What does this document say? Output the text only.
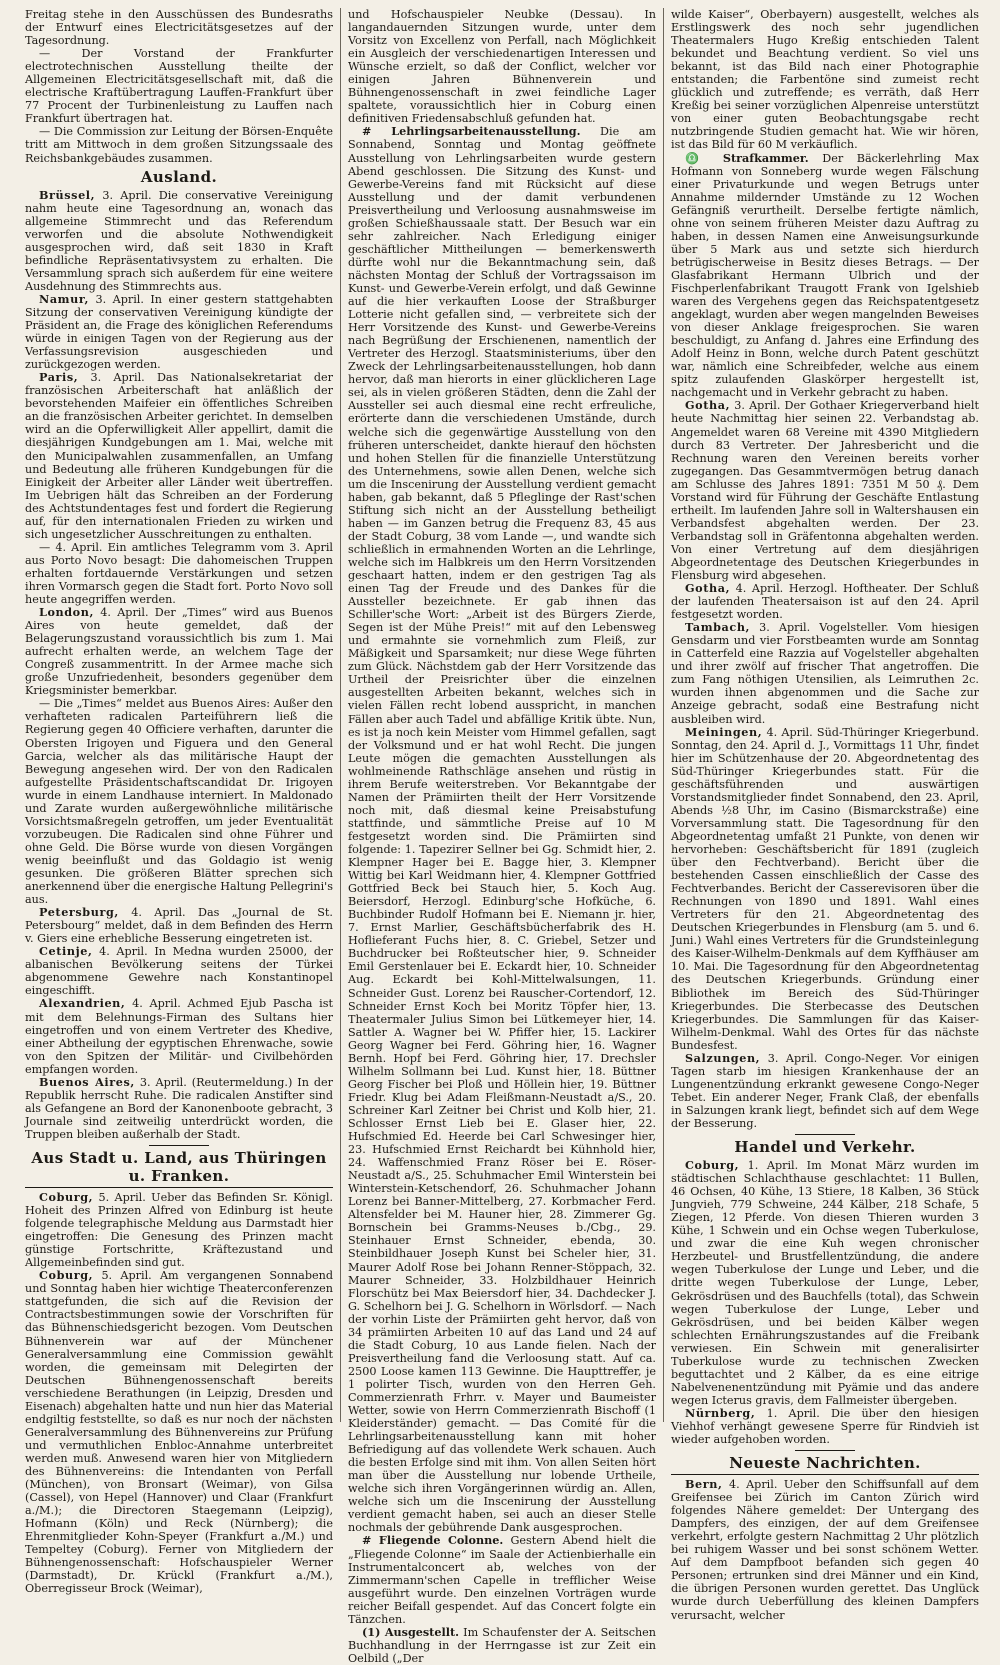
Freitag stehe in den Ausschüssen des Bundesraths der Entwurf eines Electricitätsgesetzes auf der Tagesordnung.

— Der Vorstand der Frankfurter electrotechnischen Ausstellung theilte der Allgemeinen Electricitätsgesellschaft mit, daß die electrische Kraftübertragung Lauffen-Frankfurt über 77 Procent der Turbinenleistung zu Lauffen nach Frankfurt übertragen hat.

— Die Commission zur Leitung der Börsen-Enquête tritt am Mittwoch in dem großen Sitzungssaale des Reichsbankgebäudes zusammen.

Ausland.

Brüssel, 3. April. Die conservative Vereinigung nahm heute eine Tagesordnung an, wonach das allgemeine Stimmrecht und das Referendum verworfen und die absolute Nothwendigkeit ausgesprochen wird, daß seit 1830 in Kraft befindliche Repräsentativsystem zu erhalten. Die Versammlung sprach sich außerdem für eine weitere Ausdehnung des Stimmrechts aus.

Namur, 3. April. In einer gestern stattgehabten Sitzung der conservativen Vereinigung kündigte der Präsident an, die Frage des königlichen Referendums würde in einigen Tagen von der Regierung aus der Verfassungsrevision ausgeschieden und zurückgezogen werden.

Paris, 3. April. Das Nationalsekretariat der französischen Arbeiterschaft hat anläßlich der bevorstehenden Maifeier ein öffentliches Schreiben an die französischen Arbeiter gerichtet. In demselben wird an die Opferwilligkeit Aller appellirt, damit die diesjährigen Kundgebungen am 1. Mai, welche mit den Municipalwahlen zusammenfallen, an Umfang und Bedeutung alle früheren Kundgebungen für die Einigkeit der Arbeiter aller Länder weit übertreffen. Im Uebrigen hält das Schreiben an der Forderung des Achtstundentages fest und fordert die Regierung auf, für den internationalen Frieden zu wirken und sich ungesetzlicher Ausschreitungen zu enthalten.

— 4. April. Ein amtliches Telegramm vom 3. April aus Porto Novo besagt: Die dahomeischen Truppen erhalten fortdauernde Verstärkungen und setzen ihren Vormarsch gegen die Stadt fort. Porto Novo soll heute angegriffen werden.

London, 4. April. Der „Times“ wird aus Buenos Aires von heute gemeldet, daß der Belagerungszustand voraussichtlich bis zum 1. Mai aufrecht erhalten werde, an welchem Tage der Congreß zusammentritt. In der Armee mache sich große Unzufriedenheit, besonders gegenüber dem Kriegsminister bemerkbar.

— Die „Times“ meldet aus Buenos Aires: Außer den verhafteten radicalen Parteiführern ließ die Regierung gegen 40 Officiere verhaften, darunter die Obersten Irigoyen und Figuera und den General Garcia, welcher als das militärische Haupt der Bewegung angesehen wird. Der von den Radicalen aufgestellte Präsidentschaftscandidat Dr. Irigoyen wurde in einem Landhause interniert. In Maldonado und Zarate wurden außergewöhnliche militärische Vorsichtsmaßregeln getroffen, um jeder Eventualität vorzubeugen. Die Radicalen sind ohne Führer und ohne Geld. Die Börse wurde von diesen Vorgängen wenig beeinflußt und das Goldagio ist wenig gesunken. Die größeren Blätter sprechen sich anerkennend über die energische Haltung Pellegrini's aus.

Petersburg, 4. April. Das „Journal de St. Petersbourg“ meldet, daß in dem Befinden des Herrn v. Giers eine erhebliche Besserung eingetreten ist.

Cetinje, 4. April. In Medna wurden 25000, der albanischen Bevölkerung seitens der Türkei abgenommene Gewehre nach Konstantinopel eingeschifft.

Alexandrien, 4. April. Achmed Ejub Pascha ist mit dem Belehnungs-Firman des Sultans hier eingetroffen und von einem Vertreter des Khedive, einer Abtheilung der egyptischen Ehrenwache, sowie von den Spitzen der Militär- und Civilbehörden empfangen worden.

Buenos Aires, 3. April. (Reutermeldung.) In der Republik herrscht Ruhe. Die radicalen Anstifter sind als Gefangene an Bord der Kanonenboote gebracht, 3 Journale sind zeitweilig unterdrückt worden, die Truppen bleiben außerhalb der Stadt.

Aus Stadt u. Land, aus Thüringen u. Franken.

Coburg, 5. April. Ueber das Befinden Sr. Königl. Hoheit des Prinzen Alfred von Edinburg ist heute folgende telegraphische Meldung aus Darmstadt hier eingetroffen: Die Genesung des Prinzen macht günstige Fortschritte, Kräftezustand und Allgemeinbefinden sind gut.

Coburg, 5. April. Am vergangenen Sonnabend und Sonntag haben hier wichtige Theaterconferenzen stattgefunden, die sich auf die Revision der Contractsbestimmungen sowie der Vorschriften für das Bühnenschiedsgericht bezogen. Vom Deutschen Bühnenverein war auf der Münchener Generalversammlung eine Commission gewählt worden, die gemeinsam mit Delegirten der Deutschen Bühnengenossenschaft bereits verschiedene Berathungen (in Leipzig, Dresden und Eisenach) abgehalten hatte und nun hier das Material endgiltig feststellte, so daß es nur noch der nächsten Generalversammlung des Bühnenvereins zur Prüfung und vermuthlichen Enbloc-Annahme unterbreitet werden muß. Anwesend waren hier von Mitgliedern des Bühnenvereins: die Intendanten von Perfall (München), von Bronsart (Weimar), von Gilsa (Cassel), von Hepel (Hannover) und Claar (Frankfurt a./M.); die Directoren Staegemann (Leipzig), Hofmann (Köln) und Reck (Nürnberg); die Ehrenmitglieder Kohn-Speyer (Frankfurt a./M.) und Tempeltey (Coburg). Ferner von Mitgliedern der Bühnengenossenschaft: Hofschauspieler Werner (Darmstadt), Dr. Krückl (Frankfurt a./M.), Oberregisseur Brock (Weimar),

und Hofschauspieler Neubke (Dessau). In langandauernden Sitzungen wurde, unter dem Vorsitz von Excellenz von Perfall, nach Möglichkeit ein Ausgleich der verschiedenartigen Interessen und Wünsche erzielt, so daß der Conflict, welcher vor einigen Jahren Bühnenverein und Bühnengenossenschaft in zwei feindliche Lager spaltete, voraussichtlich hier in Coburg einen definitiven Friedensabschluß gefunden hat.

# Lehrlingsarbeitenausstellung. Die am Sonnabend, Sonntag und Montag geöffnete Ausstellung von Lehrlingsarbeiten wurde gestern Abend geschlossen. Die Sitzung des Kunst- und Gewerbe-Vereins fand mit Rücksicht auf diese Ausstellung und der damit verbundenen Preisvertheilung und Verloosung ausnahmsweise im großen Schießhaussaale statt. Der Besuch war ein sehr zahlreicher. Nach Erledigung einiger geschäftlicher Mittheilungen — bemerkenswerth dürfte wohl nur die Bekanntmachung sein, daß nächsten Montag der Schluß der Vortragssaison im Kunst- und Gewerbe-Verein erfolgt, und daß Gewinne auf die hier verkauften Loose der Straßburger Lotterie nicht gefallen sind, — verbreitete sich der Herr Vorsitzende des Kunst- und Gewerbe-Vereins nach Begrüßung der Erschienenen, namentlich der Vertreter des Herzogl. Staatsministeriums, über den Zweck der Lehrlingsarbeitenausstellungen, hob dann hervor, daß man hierorts in einer glücklicheren Lage sei, als in vielen größeren Städten, denn die Zahl der Aussteller sei auch diesmal eine recht erfreuliche, erörterte dann die verschiedenen Umstände, durch welche sich die gegenwärtige Ausstellung von den früheren unterscheidet, dankte hierauf den höchsten und hohen Stellen für die finanzielle Unterstützung des Unternehmens, sowie allen Denen, welche sich um die Inscenirung der Ausstellung verdient gemacht haben, gab bekannt, daß 5 Pfleglinge der Rast'schen Stiftung sich nicht an der Ausstellung betheiligt haben — im Ganzen betrug die Frequenz 83, 45 aus der Stadt Coburg, 38 vom Lande —, und wandte sich schließlich in ermahnenden Worten an die Lehrlinge, welche sich im Halbkreis um den Herrn Vorsitzenden geschaart hatten, indem er den gestrigen Tag als einen Tag der Freude und des Dankes für die Aussteller bezeichnete. Er gab ihnen das Schiller'sche Wort: „Arbeit ist des Bürgers Zierde, Segen ist der Mühe Preis!“ mit auf den Lebensweg und ermahnte sie vornehmlich zum Fleiß, zur Mäßigkeit und Sparsamkeit; nur diese Wege führten zum Glück. Nächstdem gab der Herr Vorsitzende das Urtheil der Preisrichter über die einzelnen ausgestellten Arbeiten bekannt, welches sich in vielen Fällen recht lobend ausspricht, in manchen Fällen aber auch Tadel und abfällige Kritik übte. Nun, es ist ja noch kein Meister vom Himmel gefallen, sagt der Volksmund und er hat wohl Recht. Die jungen Leute mögen die gemachten Ausstellungen als wohlmeinende Rathschläge ansehen und rüstig in ihrem Berufe weiterstreben. Vor Bekanntgabe der Namen der Prämiirten theilt der Herr Vorsitzende noch mit, daß diesmal keine Preisabstufung stattfinde, und sämmtliche Preise auf 10 M festgesetzt worden sind. Die Prämiirten sind folgende: 1. Tapezirer Sellner bei Gg. Schmidt hier, 2. Klempner Hager bei E. Bagge hier, 3. Klempner Wittig bei Karl Weidmann hier, 4. Klempner Gottfried Gottfried Beck bei Stauch hier, 5. Koch Aug. Beiersdorf, Herzogl. Edinburg'sche Hofküche, 6. Buchbinder Rudolf Hofmann bei E. Niemann jr. hier, 7. Ernst Marlier, Geschäftsbücherfabrik des H. Hoflieferant Fuchs hier, 8. C. Griebel, Setzer und Buchdrucker bei Roßteutscher hier, 9. Schneider Emil Gerstenlauer bei E. Eckardt hier, 10. Schneider Aug. Eckardt bei Kohl-Mittelwalsungen, 11. Schneider Gust. Lorenz bei Rauscher-Cortendorf, 12. Schneider Ernst Koch bei Moritz Töpfer hier, 13. Theatermaler Julius Simon bei Lütkemeyer hier, 14. Sattler A. Wagner bei W. Pfiffer hier, 15. Lackirer Georg Wagner bei Ferd. Göhring hier, 16. Wagner Bernh. Hopf bei Ferd. Göhring hier, 17. Drechsler Wilhelm Sollmann bei Lud. Kunst hier, 18. Büttner Georg Fischer bei Ploß und Höllein hier, 19. Büttner Friedr. Klug bei Adam Fleißmann-Neustadt a/S., 20. Schreiner Karl Zeitner bei Christ und Kolb hier, 21. Schlosser Ernst Lieb bei E. Glaser hier, 22. Hufschmied Ed. Heerde bei Carl Schwesinger hier, 23. Hufschmied Ernst Reichardt bei Kühnhold hier, 24. Waffenschmied Franz Röser bei E. Röser-Neustadt a/S., 25. Schuhmacher Emil Winterstein bei Winterstein-Ketschendorf, 26. Schuhmacher Johann Lorenz bei Banner-Mittelberg, 27. Korbmacher Ferd. Altensfelder bei M. Hauner hier, 28. Zimmerer Gg. Bornschein bei Gramms-Neuses b./Cbg., 29. Steinhauer Ernst Schneider, ebenda, 30. Steinbildhauer Joseph Kunst bei Scheler hier, 31. Maurer Adolf Rose bei Johann Renner-Stöppach, 32. Maurer Schneider, 33. Holzbildhauer Heinrich Florschütz bei Max Beiersdorf hier, 34. Dachdecker J. G. Schelhorn bei J. G. Schelhorn in Wörlsdorf. — Nach der vorhin Liste der Prämiirten geht hervor, daß von 34 prämiirten Arbeiten 10 auf das Land und 24 auf die Stadt Coburg, 10 aus Lande fielen. Nach der Preisvertheilung fand die Verloosung statt. Auf ca. 2500 Loose kamen 113 Gewinne. Die Haupttreffer, je 1 polirter Tisch, wurden von den Herren Geh. Commerzienrath Frhrr. v. Mayer und Baumeister Wetter, sowie von Herrn Commerzienrath Bischoff (1 Kleiderständer) gemacht. — Das Comité für die Lehrlingsarbeitenausstellung kann mit hoher Befriedigung auf das vollendete Werk schauen. Auch die besten Erfolge sind mit ihm. Von allen Seiten hört man über die Ausstellung nur lobende Urtheile, welche sich ihren Vorgängerinnen würdig an. Allen, welche sich um die Inscenirung der Ausstellung verdient gemacht haben, sei auch an dieser Stelle nochmals der gebührende Dank ausgesprochen.

# Fliegende Colonne. Gestern Abend hielt die „Fliegende Colonne“ im Saale der Actienbierhalle ein Instrumentalconcert ab, welches von der Zimmermann'schen Capelle in trefflicher Weise ausgeführt wurde. Den einzelnen Vorträgen wurde reicher Beifall gespendet. Auf das Concert folgte ein Tänzchen.

(1) Ausgestellt. Im Schaufenster der A. Seitschen Buchhandlung in der Herrngasse ist zur Zeit ein Oelbild („Der

wilde Kaiser“, Oberbayern) ausgestellt, welches als Erstlingswerk des noch sehr jugendlichen Theatermalers Hugo Kreßig entschieden Talent bekundet und Beachtung verdient. So viel uns bekannt, ist das Bild nach einer Photographie entstanden; die Farbentöne sind zumeist recht glücklich und zutreffende; es verräth, daß Herr Kreßig bei seiner vorzüglichen Alpenreise unterstützt von einer guten Beobachtungsgabe recht nutzbringende Studien gemacht hat. Wie wir hören, ist das Bild für 60 M verkäuflich.

♎ Strafkammer. Der Bäckerlehrling Max Hofmann von Sonneberg wurde wegen Fälschung einer Privaturkunde und wegen Betrugs unter Annahme mildernder Umstände zu 12 Wochen Gefängniß verurtheilt. Derselbe fertigte nämlich, ohne von seinem früheren Meister dazu Auftrag zu haben, in dessen Namen eine Anweisungsurkunde über 5 Mark aus und setzte sich hierdurch betrügischerweise in Besitz dieses Betrags. — Der Glasfabrikant Hermann Ulbrich und der Fischperlenfabrikant Traugott Frank von Igelshieb waren des Vergehens gegen das Reichspatentgesetz angeklagt, wurden aber wegen mangelnden Beweises von dieser Anklage freigesprochen. Sie waren beschuldigt, zu Anfang d. Jahres eine Erfindung des Adolf Heinz in Bonn, welche durch Patent geschützt war, nämlich eine Schreibfeder, welche aus einem spitz zulaufenden Glaskörper hergestellt ist, nachgemacht und in Verkehr gebracht zu haben.

Gotha, 3. April. Der Gothaer Kriegerverband hielt heute Nachmittag hier seinen 22. Verbandstag ab. Angemeldet waren 68 Vereine mit 4390 Mitgliedern durch 83 Vertreter. Der Jahresbericht und die Rechnung waren den Vereinen bereits vorher zugegangen. Das Gesammtvermögen betrug danach am Schlusse des Jahres 1891: 7351 M 50 ₰. Dem Vorstand wird für Führung der Geschäfte Entlastung ertheilt. Im laufenden Jahre soll in Waltershausen ein Verbandsfest abgehalten werden. Der 23. Verbandstag soll in Gräfentonna abgehalten werden. Von einer Vertretung auf dem diesjährigen Abgeordnetentage des Deutschen Kriegerbundes in Flensburg wird abgesehen.

Gotha, 4. April. Herzogl. Hoftheater. Der Schluß der laufenden Theatersaison ist auf den 24. April festgesetzt worden.

Tambach, 3. April. Vogelsteller. Vom hiesigen Gensdarm und vier Forstbeamten wurde am Sonntag in Catterfeld eine Razzia auf Vogelsteller abgehalten und ihrer zwölf auf frischer That angetroffen. Die zum Fang nöthigen Utensilien, als Leimruthen 2c. wurden ihnen abgenommen und die Sache zur Anzeige gebracht, sodaß eine Bestrafung nicht ausbleiben wird.

Meiningen, 4. April. Süd-Thüringer Kriegerbund. Sonntag, den 24. April d. J., Vormittags 11 Uhr, findet hier im Schützenhause der 20. Abgeordnetentag des Süd-Thüringer Kriegerbundes statt. Für die geschäftsführenden und auswärtigen Vorstandsmitglieder findet Sonnabend, den 23. April, Abends ½8 Uhr, im Casino (Bismarckstraße) eine Vorversammlung statt. Die Tagesordnung für den Abgeordnetentag umfaßt 21 Punkte, von denen wir hervorheben: Geschäftsbericht für 1891 (zugleich über den Fechtverband). Bericht über die bestehenden Cassen einschließlich der Casse des Fechtverbandes. Bericht der Casserevisoren über die Rechnungen von 1890 und 1891. Wahl eines Vertreters für den 21. Abgeordnetentag des Deutschen Kriegerbundes in Flensburg (am 5. und 6. Juni.) Wahl eines Vertreters für die Grundsteinlegung des Kaiser-Wilhelm-Denkmals auf dem Kyffhäuser am 10. Mai. Die Tagesordnung für den Abgeordnetentag des Deutschen Kriegerbunds. Gründung einer Bibliothek im Bereich des Süd-Thüringer Kriegerbundes. Die Sterbecasse des Deutschen Kriegerbundes. Die Sammlungen für das Kaiser-Wilhelm-Denkmal. Wahl des Ortes für das nächste Bundesfest.

Salzungen, 3. April. Congo-Neger. Vor einigen Tagen starb im hiesigen Krankenhause der an Lungenentzündung erkrankt gewesene Congo-Neger Tebet. Ein anderer Neger, Frank Claß, der ebenfalls in Salzungen krank liegt, befindet sich auf dem Wege der Besserung.

Handel und Verkehr.

Coburg, 1. April. Im Monat März wurden im städtischen Schlachthause geschlachtet: 11 Bullen, 46 Ochsen, 40 Kühe, 13 Stiere, 18 Kalben, 36 Stück Jungvieh, 779 Schweine, 244 Kälber, 218 Schafe, 5 Ziegen, 12 Pferde. Von diesen Thieren wurden 3 Kühe, 1 Schwein und ein Ochse wegen Tuberkulose, und zwar die eine Kuh wegen chronischer Herzbeutel- und Brustfellentzündung, die andere wegen Tuberkulose der Lunge und Leber, und die dritte wegen Tuberkulose der Lunge, Leber, Gekrösdrüsen und des Bauchfells (total), das Schwein wegen Tuberkulose der Lunge, Leber und Gekrösdrüsen, und bei beiden Kälber wegen schlechten Ernährungszustandes auf die Freibank verwiesen. Ein Schwein mit generalisirter Tuberkulose wurde zu technischen Zwecken beguttachtet und 2 Kälber, da es eine eitrige Nabelvenenentzündung mit Pyämie und das andere wegen Icterus gravis, dem Fallmeister übergeben.

Nürnberg, 1. April. Die über den hiesigen Viehhof verhängt gewesene Sperre für Rindvieh ist wieder aufgehoben worden.

Neueste Nachrichten.

Bern, 4. April. Ueber den Schiffsunfall auf dem Greifensee bei Zürich im Canton Zürich wird folgendes Nähere gemeldet: Der Untergang des Dampfers, des einzigen, der auf dem Greifensee verkehrt, erfolgte gestern Nachmittag 2 Uhr plötzlich bei ruhigem Wasser und bei sonst schönem Wetter. Auf dem Dampfboot befanden sich gegen 40 Personen; ertrunken sind drei Männer und ein Kind, die übrigen Personen wurden gerettet. Das Unglück wurde durch Ueberfüllung des kleinen Dampfers verursacht, welcher
